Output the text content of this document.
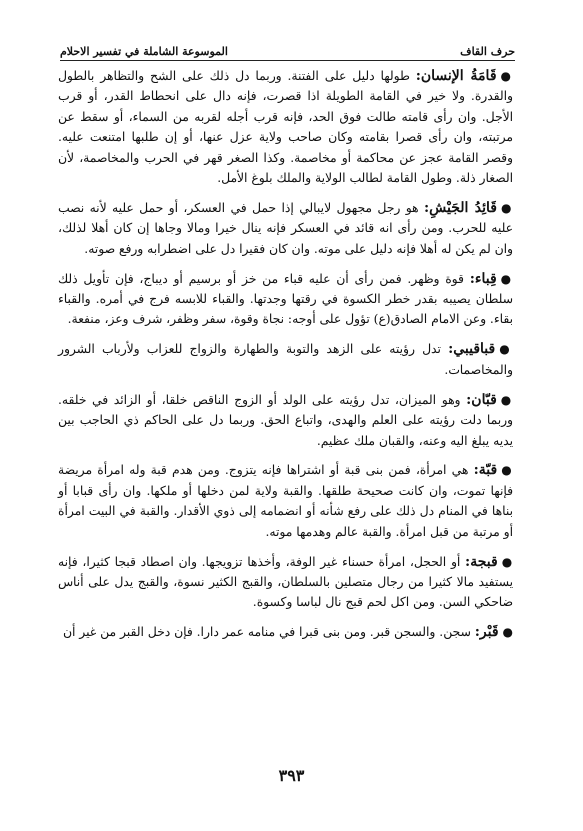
حرف القاف
الموسوعة الشاملة في تفسير الاحلام

●قَامَةُ الإنسان: طولها دليل على الفتنة. وربما دل ذلك على الشح والتظاهر بالطول والقدرة. ولا خير في القامة الطويلة اذا قصرت، فإنه دال على انحطاط القدر، أو قرب الأجل. وان رأى قامته طالت فوق الحد، فإنه قرب أجله لقربه من السماء، أو سقط عن مرتبته، وان رأى قصرا بقامته وكان صاحب ولاية عزل عنها، أو إن طلبها امتنعت عليه. وقصر القامة عجز عن محاكمة أو مخاصمة. وكذا الصغر قهر في الحرب والمخاصمة، لأن الصغار ذلة. وطول القامة لطالب الولاية والملك بلوغ الأمل.

●قَائِدُ الجَيْشِ: هو رجل مجهول لايبالي إذا حمل في العسكر، أو حمل عليه لأنه نصب عليه للحرب. ومن رأى انه قائد في العسكر فإنه ينال خيرا ومالا وجاها إن كان أهلا لذلك، وان لم يكن له أهلا فإنه دليل على موته. وان كان فقيرا دل على اضطرابه ورفع صوته.

●قِباء: قوة وظهر. فمن رأى أن عليه قباء من خز أو برسيم أو ديباج، فإن تأويل ذلك سلطان يصيبه بقدر خطر الكسوة في رقتها وجدتها. والقباء للابسه فرج في أمره. والقباء بقاء. وعن الامام الصادق(ع) تؤول على أوجه: نجاة وقوة، سفر وظفر، شرف وعز، منفعة.

●قباقيبي: تدل رؤيته على الزهد والتوبة والطهارة والزواج للعزاب ولأرباب الشرور والمخاصمات.

●قبّان: وهو الميزان، تدل رؤيته على الولد أو الزوج الناقص خلقا، أو الزائد في خلقه. وربما دلت رؤيته على العلم والهدى، واتباع الحق. وربما دل على الحاكم ذي الحاجب بين يديه يبلغ اليه وعنه، والقبان ملك عظيم.

●قبّة: هي امرأة، فمن بنى قبة أو اشتراها فإنه يتزوج. ومن هدم قبة وله امرأة مريضة فإنها تموت، وان كانت صحيحة طلقها. والقبة ولاية لمن دخلها أو ملكها. وان رأى قبابا أو بناها في المنام دل ذلك على رفع شأنه أو انضمامه إلى ذوي الأقدار. والقبة في البيت امرأة أو مرتبة من قبل امرأة. والقبة عالم وهدمها موته.

●قبجة: أو الحجل، امرأة حسناء غير الوفة، وأخذها تزويجها. وان اصطاد قبجا كثيرا، فإنه يستفيد مالا كثيرا من رجال متصلين بالسلطان، والقبج الكثير نسوة، والقبج يدل على أناس ضاحكي السن. ومن اكل لحم قبج نال لباسا وكسوة.

●قَبْر: سجن. والسجن قبر. ومن بنى قبرا في منامه عمر دارا. فإن دخل القبر من غير أن

٣٩٣
